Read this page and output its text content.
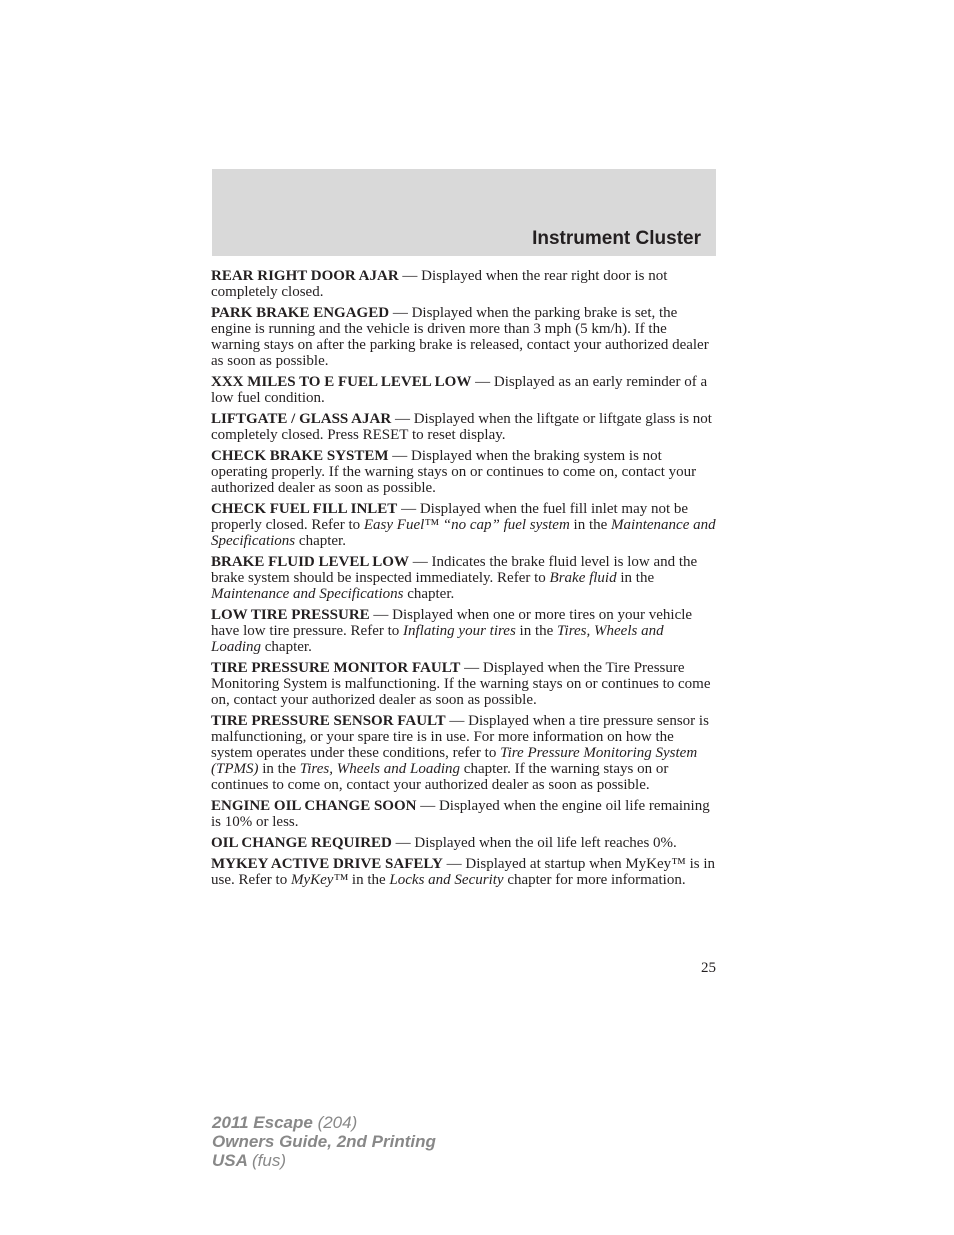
Instrument Cluster

REAR RIGHT DOOR AJAR — Displayed when the rear right door is not completely closed.

PARK BRAKE ENGAGED — Displayed when the parking brake is set, the engine is running and the vehicle is driven more than 3 mph (5 km/h). If the warning stays on after the parking brake is released, contact your authorized dealer as soon as possible.

XXX MILES TO E FUEL LEVEL LOW — Displayed as an early reminder of a low fuel condition.

LIFTGATE / GLASS AJAR — Displayed when the liftgate or liftgate glass is not completely closed. Press RESET to reset display.

CHECK BRAKE SYSTEM — Displayed when the braking system is not operating properly. If the warning stays on or continues to come on, contact your authorized dealer as soon as possible.

CHECK FUEL FILL INLET — Displayed when the fuel fill inlet may not be properly closed. Refer to Easy Fuel™ “no cap” fuel system in the Maintenance and Specifications chapter.

BRAKE FLUID LEVEL LOW — Indicates the brake fluid level is low and the brake system should be inspected immediately. Refer to Brake fluid in the Maintenance and Specifications chapter.

LOW TIRE PRESSURE — Displayed when one or more tires on your vehicle have low tire pressure. Refer to Inflating your tires in the Tires, Wheels and Loading chapter.

TIRE PRESSURE MONITOR FAULT — Displayed when the Tire Pressure Monitoring System is malfunctioning. If the warning stays on or continues to come on, contact your authorized dealer as soon as possible.

TIRE PRESSURE SENSOR FAULT — Displayed when a tire pressure sensor is malfunctioning, or your spare tire is in use. For more information on how the system operates under these conditions, refer to Tire Pressure Monitoring System (TPMS) in the Tires, Wheels and Loading chapter. If the warning stays on or continues to come on, contact your authorized dealer as soon as possible.

ENGINE OIL CHANGE SOON — Displayed when the engine oil life remaining is 10% or less.

OIL CHANGE REQUIRED — Displayed when the oil life left reaches 0%.

MYKEY ACTIVE DRIVE SAFELY — Displayed at startup when MyKey™ is in use. Refer to MyKey™ in the Locks and Security chapter for more information.

25
2011 Escape (204)
Owners Guide, 2nd Printing
USA (fus)
